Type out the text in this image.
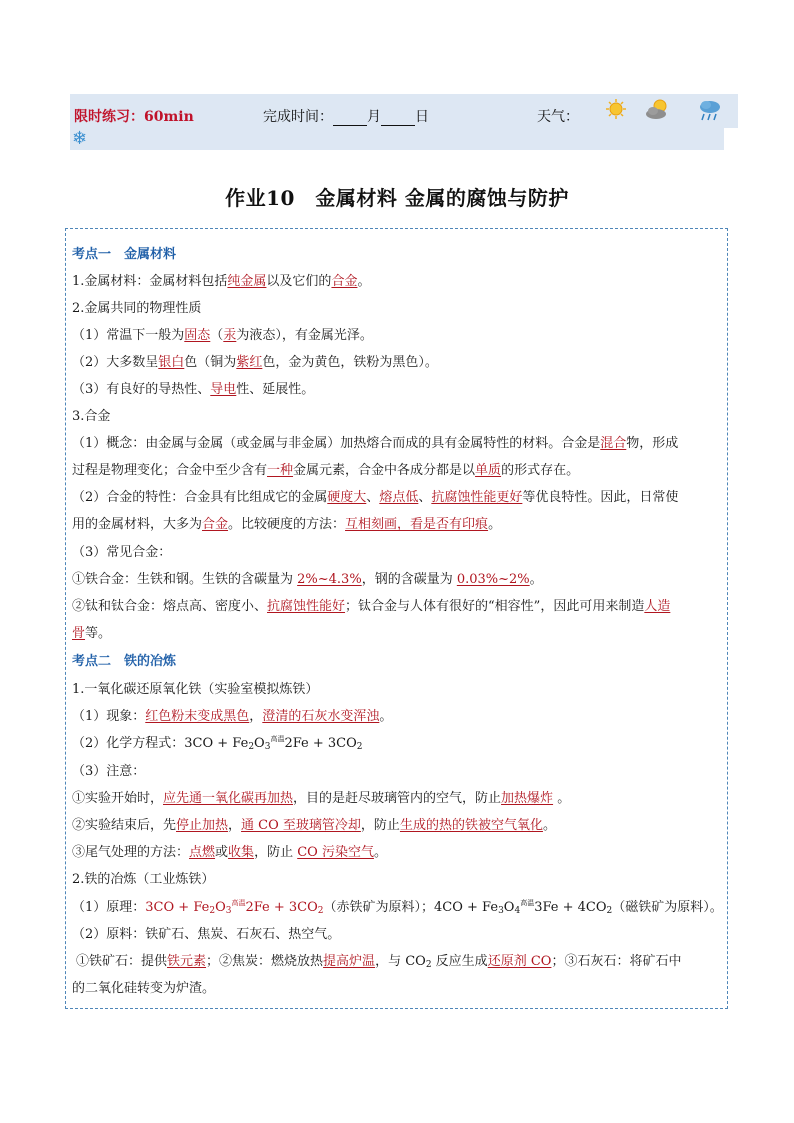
限时练习：60min	完成时间： 月 日	天气：
❄
作业10　金属材料 金属的腐蚀与防护
考点一　金属材料
1.金属材料：金属材料包括纯金属以及它们的合金。
2.金属共同的物理性质
（1）常温下一般为固态（汞为液态），有金属光泽。
（2）大多数呈银白色（铜为紫红色，金为黄色，铁粉为黑色）。
（3）有良好的导热性、导电性、延展性。
3.合金
（1）概念：由金属与金属（或金属与非金属）加热熔合而成的具有金属特性的材料。合金是混合物，形成
过程是物理变化；合金中至少含有一种金属元素，合金中各成分都是以单质的形式存在。
（2）合金的特性：合金具有比组成它的金属硬度大、熔点低、抗腐蚀性能更好等优良特性。因此，日常使
用的金属材料，大多为合金。比较硬度的方法：互相刻画，看是否有印痕。
（3）常见合金：
①铁合金：生铁和钢。生铁的含碳量为 2%~4.3%，钢的含碳量为 0.03%~2%。
②钛和钛合金：熔点高、密度小、抗腐蚀性能好；钛合金与人体有很好的“相容性”，因此可用来制造人造
骨等。
考点二　铁的冶炼
1.一氧化碳还原氧化铁（实验室模拟炼铁）
（1）现象：红色粉末变成黑色，澄清的石灰水变浑浊。
（2）化学方程式：$3CO + Fe_2O_3^{高温}2Fe + 3CO_2$
（3）注意：
①实验开始时，应先通一氧化碳再加热，目的是赶尽玻璃管内的空气，防止加热爆炸 。
②实验结束后，先停止加热，通 CO 至玻璃管冷却，防止生成的热的铁被空气氧化。
③尾气处理的方法：点燃或收集，防止 CO 污染空气。
2.铁的冶炼（工业炼铁）
（1）原理：$3CO + Fe_2O_3^{高温}2Fe + 3CO_2$（赤铁矿为原料）；$4CO + Fe_3O_4^{高温}3Fe + 4CO_2$（磁铁矿为原料）。
（2）原料：铁矿石、焦炭、石灰石、热空气。
①铁矿石：提供铁元素；②焦炭：燃烧放热提高炉温，与 $CO_2$ 反应生成还原剂 CO；③石灰石：将矿石中
的二氧化硅转变为炉渣。
